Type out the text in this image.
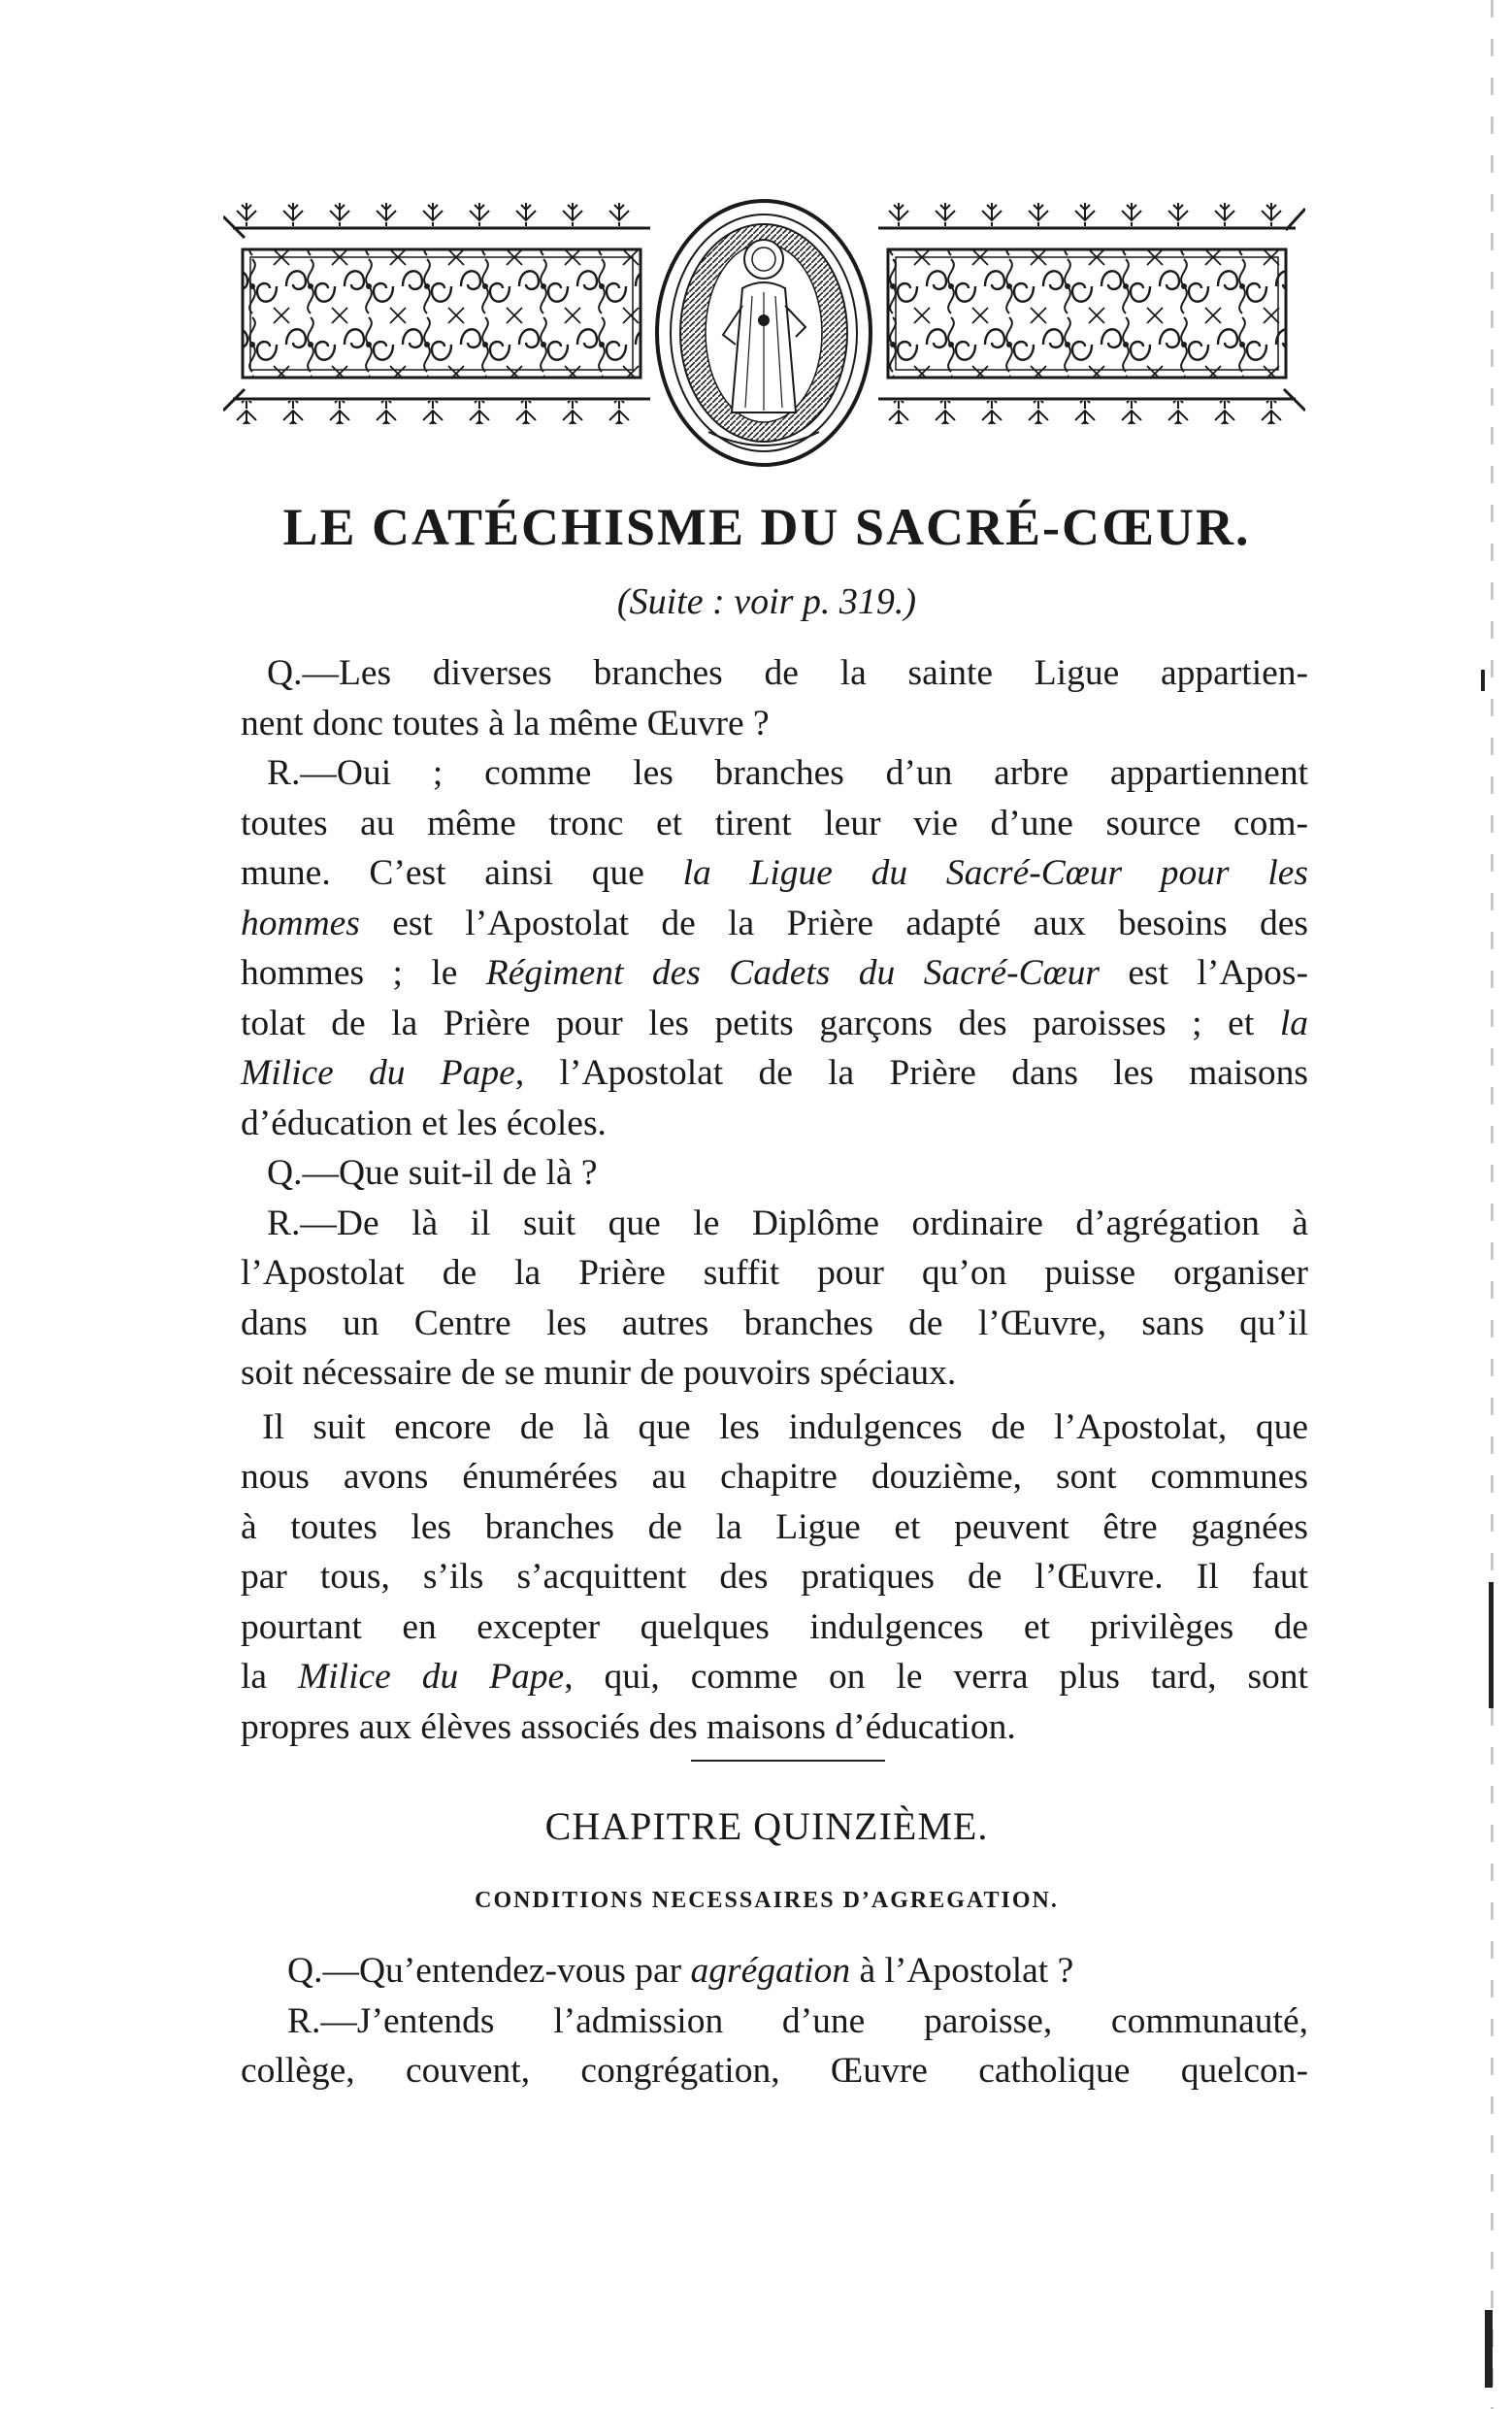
LE CATÉCHISME DU SACRÉ-CŒUR.
(Suite : voir p. 319.)

Q.—Les diverses branches de la sainte Ligue appartien-
nent donc toutes à la même Œuvre ?

R.—Oui ; comme les branches d’un arbre appartiennent
toutes au même tronc et tirent leur vie d’une source com-
mune. C’est ainsi que la Ligue du Sacré-Cœur pour les
hommes est l’Apostolat de la Prière adapté aux besoins des
hommes ; le Régiment des Cadets du Sacré-Cœur est l’Apos-
tolat de la Prière pour les petits garçons des paroisses ; et la
Milice du Pape, l’Apostolat de la Prière dans les maisons
d’éducation et les écoles.

Q.—Que suit-il de là ?

R.—De là il suit que le Diplôme ordinaire d’agrégation à
l’Apostolat de la Prière suffit pour qu’on puisse organiser
dans un Centre les autres branches de l’Œuvre, sans qu’il
soit nécessaire de se munir de pouvoirs spéciaux.

Il suit encore de là que les indulgences de l’Apostolat, que
nous avons énumérées au chapitre douzième, sont communes
à toutes les branches de la Ligue et peuvent être gagnées
par tous, s’ils s’acquittent des pratiques de l’Œuvre. Il faut
pourtant en excepter quelques indulgences et privilèges de
la Milice du Pape, qui, comme on le verra plus tard, sont
propres aux élèves associés des maisons d’éducation.

CHAPITRE QUINZIÈME.
CONDITIONS NECESSAIRES D’AGREGATION.

Q.—Qu’entendez-vous par agrégation à l’Apostolat ?

R.—J’entends l’admission d’une paroisse, communauté,
collège, couvent, congrégation, Œuvre catholique quelcon-
